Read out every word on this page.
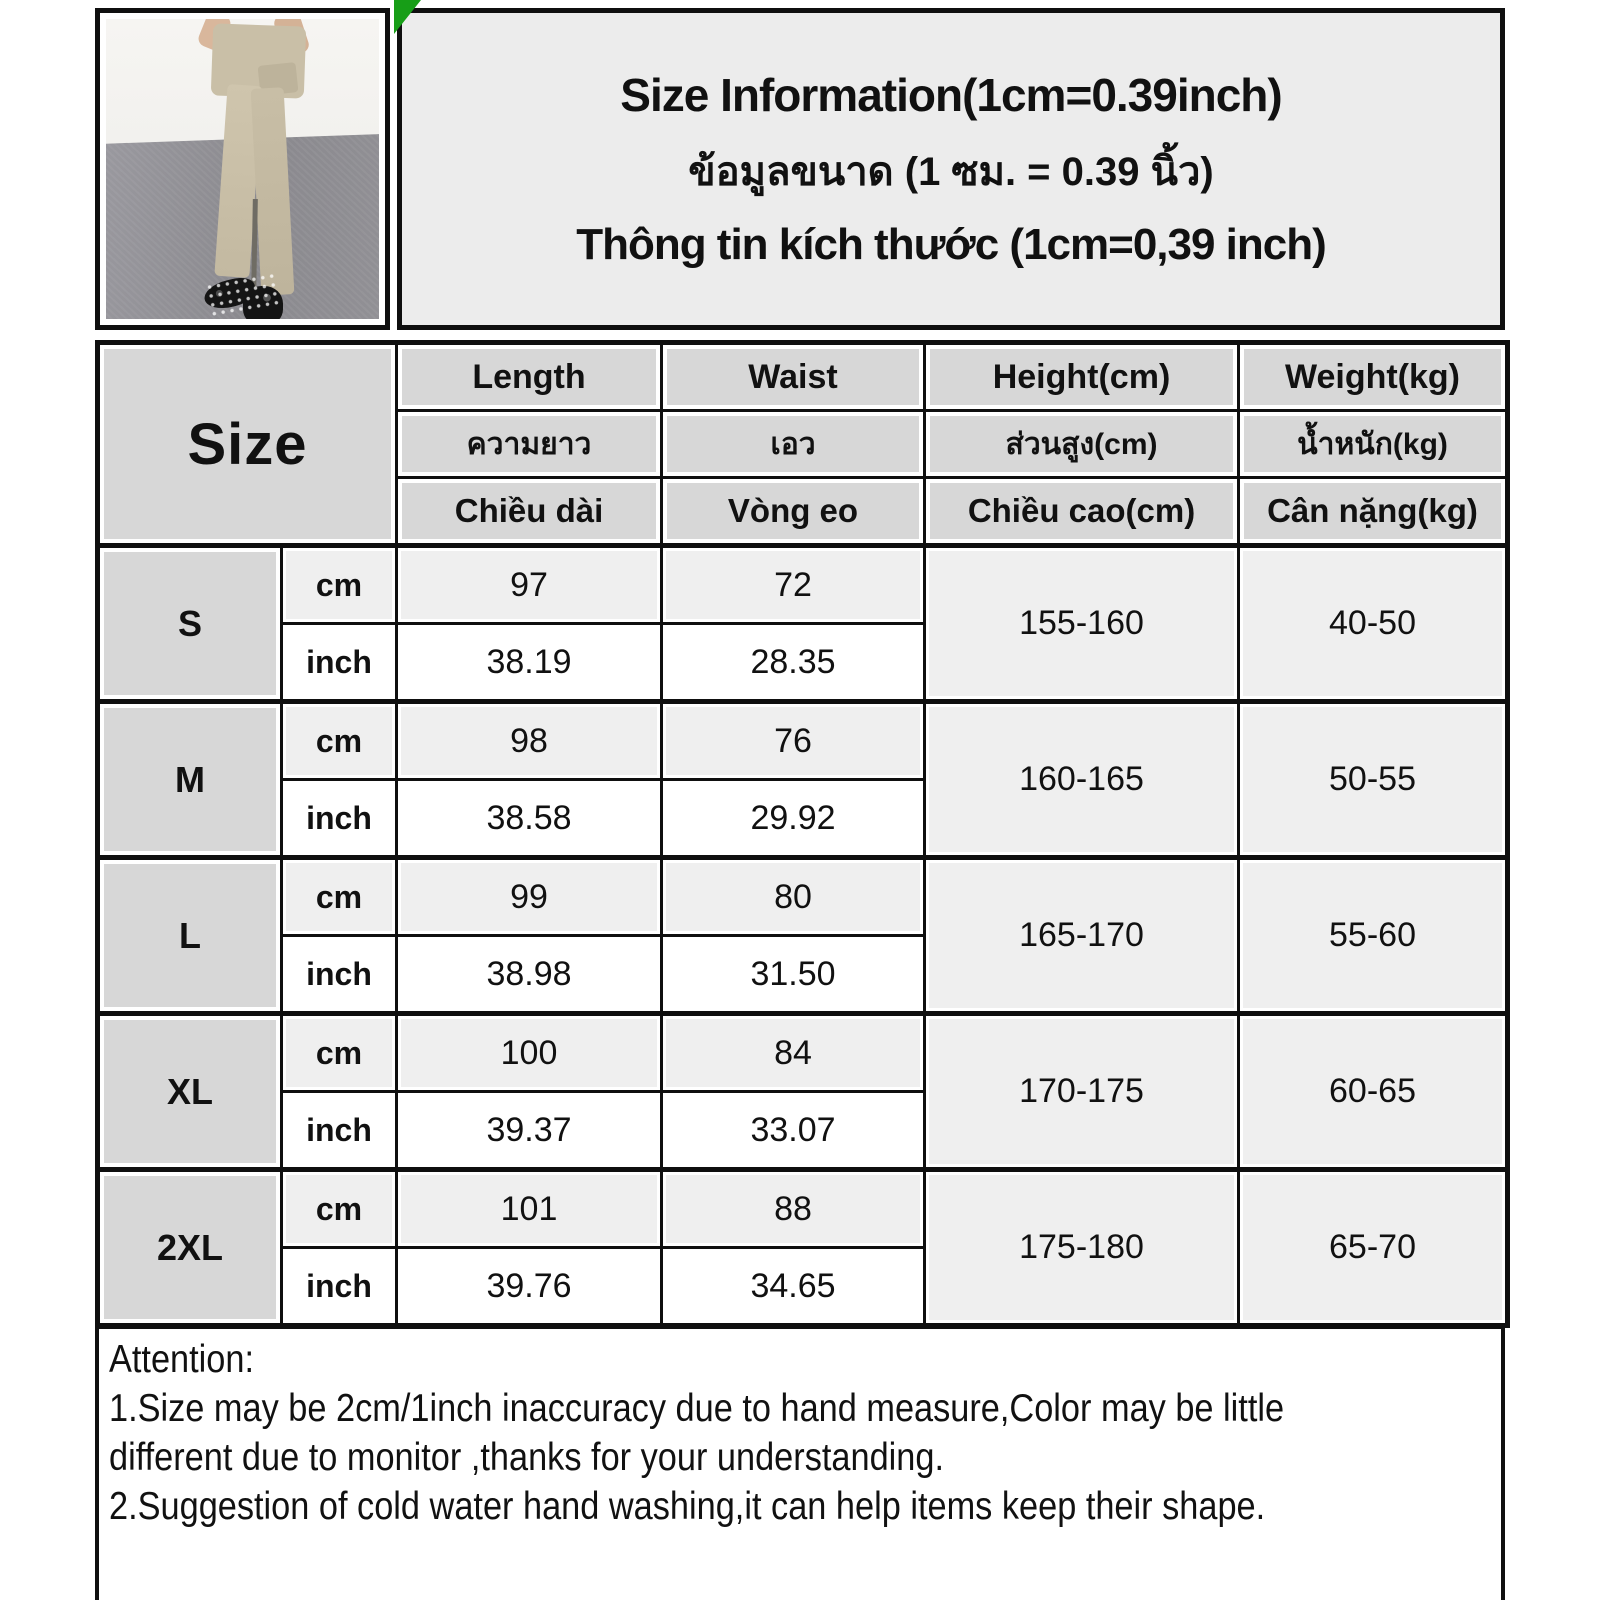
Size Information(1cm=0.39inch)
ข้อมูลขนาด (1 ซม. = 0.39 นิ้ว)
Thông tin kích thước (1cm=0,39 inch)
Size		Length	Waist	Height(cm)	Weight(kg)
		ความยาว	เอว	ส่วนสูง(cm)	น้ำหนัก(kg)
		Chiều dài	Vòng eo	Chiều cao(cm)	Cân nặng(kg)
S	cm	97	72	155-160	40-50
	inch	38.19	28.35		
M	cm	98	76	160-165	50-55
	inch	38.58	29.92		
L	cm	99	80	165-170	55-60
	inch	38.98	31.50		
XL	cm	100	84	170-175	60-65
	inch	39.37	33.07		
2XL	cm	101	88	175-180	65-70
	inch	39.76	34.65		
Attention:
1.Size may be 2cm/1inch inaccuracy due to hand measure,Color may be little
different due to monitor ,thanks for your understanding.
2.Suggestion of cold water hand washing,it can help items keep their shape.
